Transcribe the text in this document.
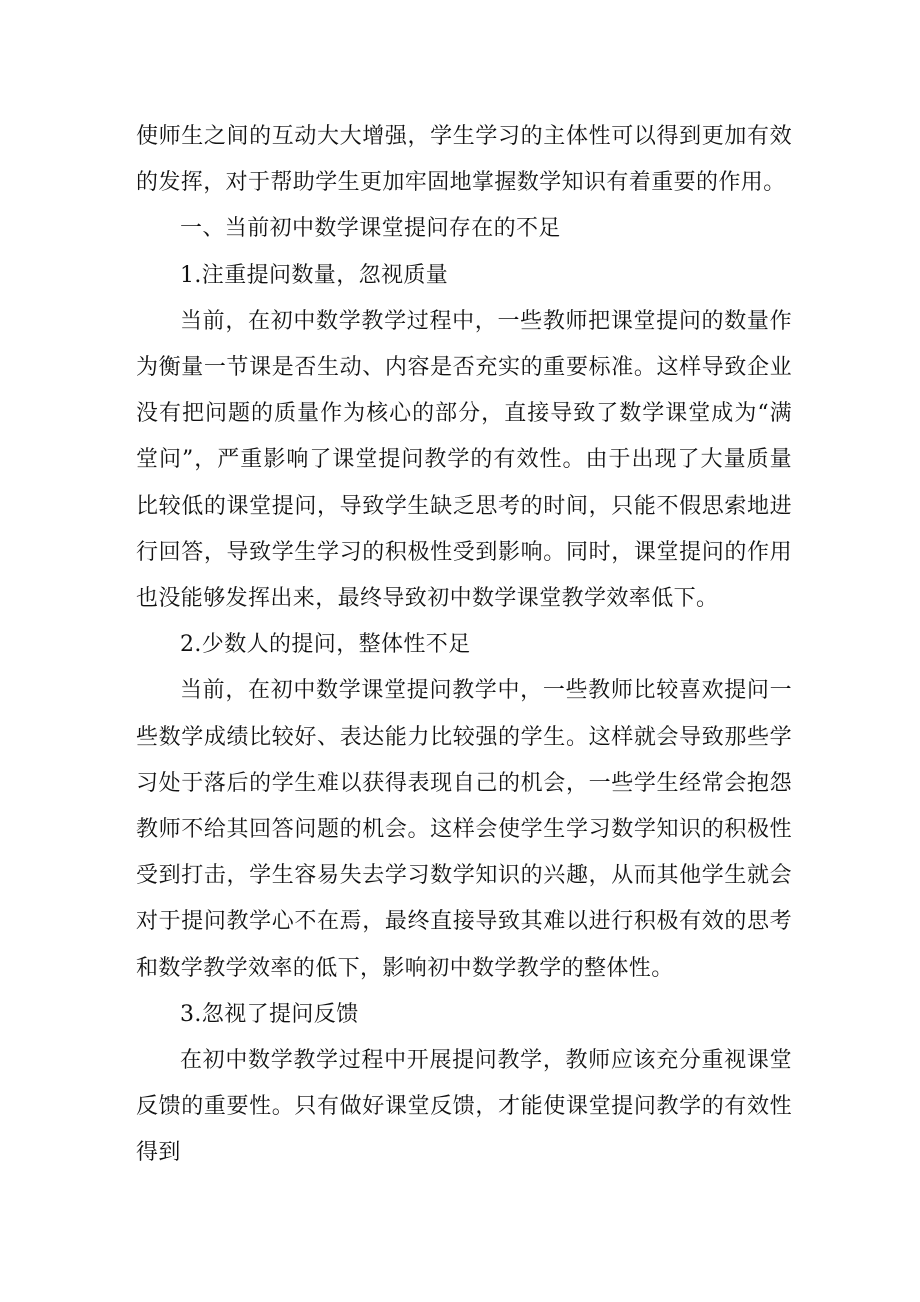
使师生之间的互动大大增强，学生学习的主体性可以得到更加有效的发挥，对于帮助学生更加牢固地掌握数学知识有着重要的作用。

一、当前初中数学课堂提问存在的不足

1.注重提问数量，忽视质量

当前，在初中数学教学过程中，一些教师把课堂提问的数量作为衡量一节课是否生动、内容是否充实的重要标准。这样导致企业没有把问题的质量作为核心的部分，直接导致了数学课堂成为“满堂问”，严重影响了课堂提问教学的有效性。由于出现了大量质量比较低的课堂提问，导致学生缺乏思考的时间，只能不假思索地进行回答，导致学生学习的积极性受到影响。同时，课堂提问的作用也没能够发挥出来，最终导致初中数学课堂教学效率低下。

2.少数人的提问，整体性不足

当前，在初中数学课堂提问教学中，一些教师比较喜欢提问一些数学成绩比较好、表达能力比较强的学生。这样就会导致那些学习处于落后的学生难以获得表现自己的机会，一些学生经常会抱怨教师不给其回答问题的机会。这样会使学生学习数学知识的积极性受到打击，学生容易失去学习数学知识的兴趣，从而其他学生就会对于提问教学心不在焉，最终直接导致其难以进行积极有效的思考和数学教学效率的低下，影响初中数学教学的整体性。

3.忽视了提问反馈

在初中数学教学过程中开展提问教学，教师应该充分重视课堂反馈的重要性。只有做好课堂反馈，才能使课堂提问教学的有效性得到
